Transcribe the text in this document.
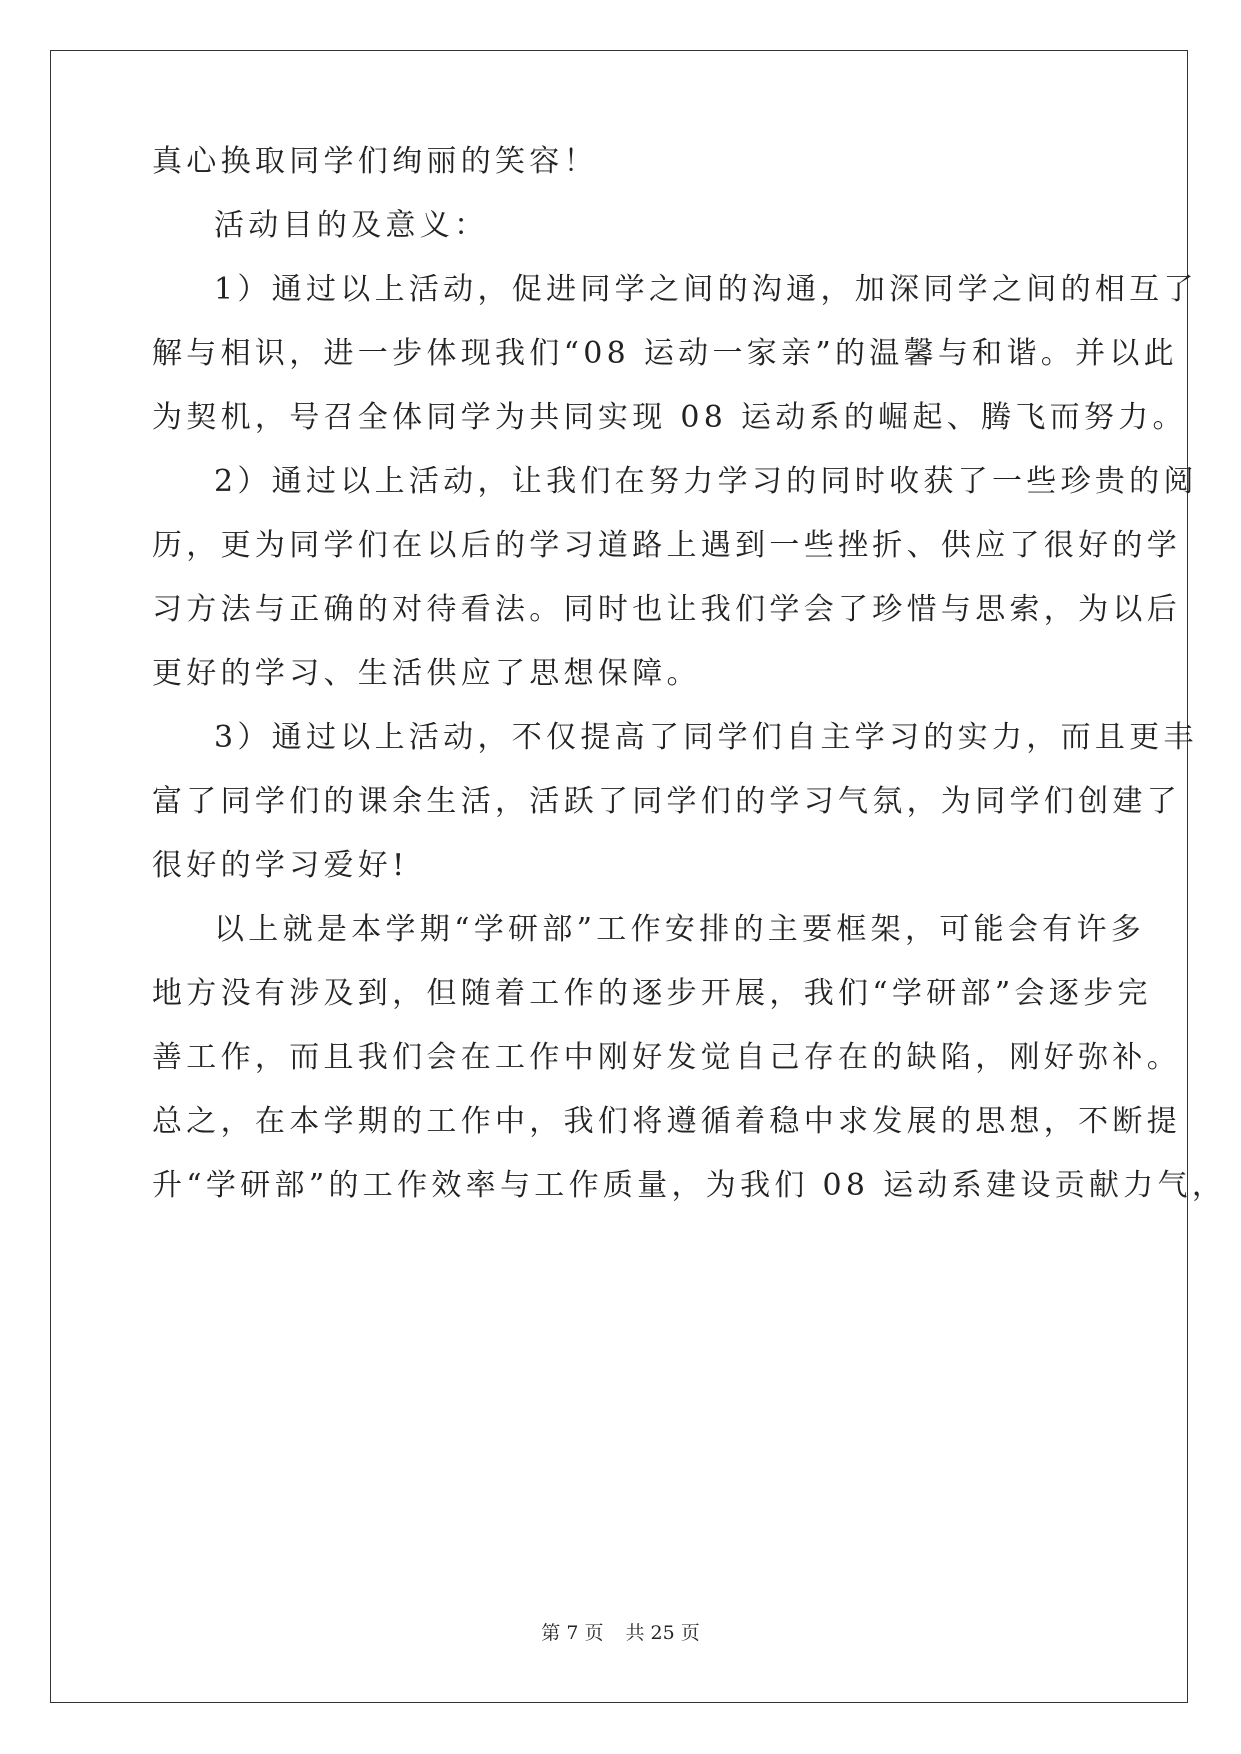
真心换取同学们绚丽的笑容！
活动目的及意义：
1）通过以上活动，促进同学之间的沟通，加深同学之间的相互了
解与相识，进一步体现我们“08 运动一家亲”的温馨与和谐。并以此
为契机，号召全体同学为共同实现 08 运动系的崛起、腾飞而努力。
2）通过以上活动，让我们在努力学习的同时收获了一些珍贵的阅
历，更为同学们在以后的学习道路上遇到一些挫折、供应了很好的学
习方法与正确的对待看法。同时也让我们学会了珍惜与思索，为以后
更好的学习、生活供应了思想保障。
3）通过以上活动，不仅提高了同学们自主学习的实力，而且更丰
富了同学们的课余生活，活跃了同学们的学习气氛，为同学们创建了
很好的学习爱好!
以上就是本学期“学研部”工作安排的主要框架，可能会有许多
地方没有涉及到，但随着工作的逐步开展，我们“学研部”会逐步完
善工作，而且我们会在工作中刚好发觉自己存在的缺陷，刚好弥补。
总之，在本学期的工作中，我们将遵循着稳中求发展的思想，不断提
升“学研部”的工作效率与工作质量，为我们 08 运动系建设贡献力气，
第 7 页 共 25 页
